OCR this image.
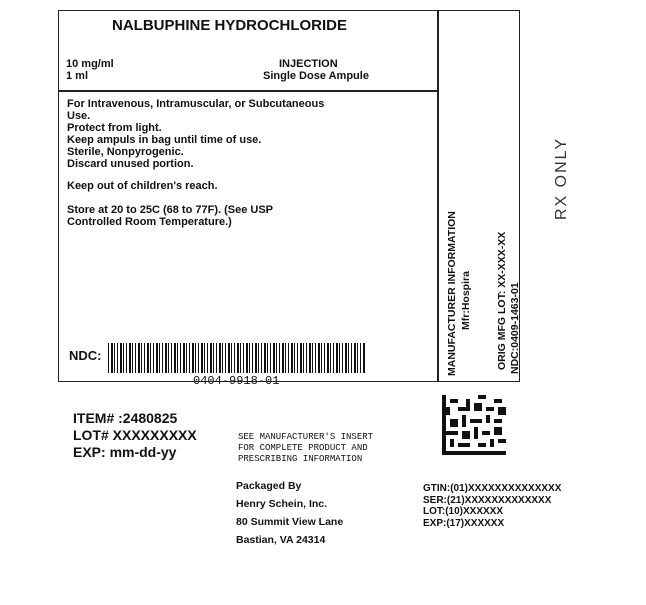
NALBUPHINE HYDROCHLORIDE
10 mg/ml
1 ml
INJECTION
Single Dose Ampule
For Intravenous, Intramuscular, or Subcutaneous
Use.
Protect from light.
Keep ampuls in bag until time of use.
Sterile, Nonpyrogenic.
Discard unused portion.
Keep out of children's reach.
Store at 20 to 25C (68 to 77F). (See USP
Controlled Room Temperature.)
NDC:
0404-9918-01
MANUFACTURER INFORMATION Mfr:Hospira ORIG MFG LOT: XX-XXX-XX NDC:0409-1463-01
RX ONLY
ITEM# :2480825
LOT# XXXXXXXXX
EXP: mm-dd-yy
SEE MANUFACTURER'S INSERT
FOR COMPLETE PRODUCT AND
PRESCRIBING INFORMATION
Packaged By
Henry Schein, Inc.
80 Summit View Lane
Bastian, VA 24314
GTIN:(01)XXXXXXXXXXXXXX
SER:(21)XXXXXXXXXXXXX
LOT:(10)XXXXXX
EXP:(17)XXXXXX
